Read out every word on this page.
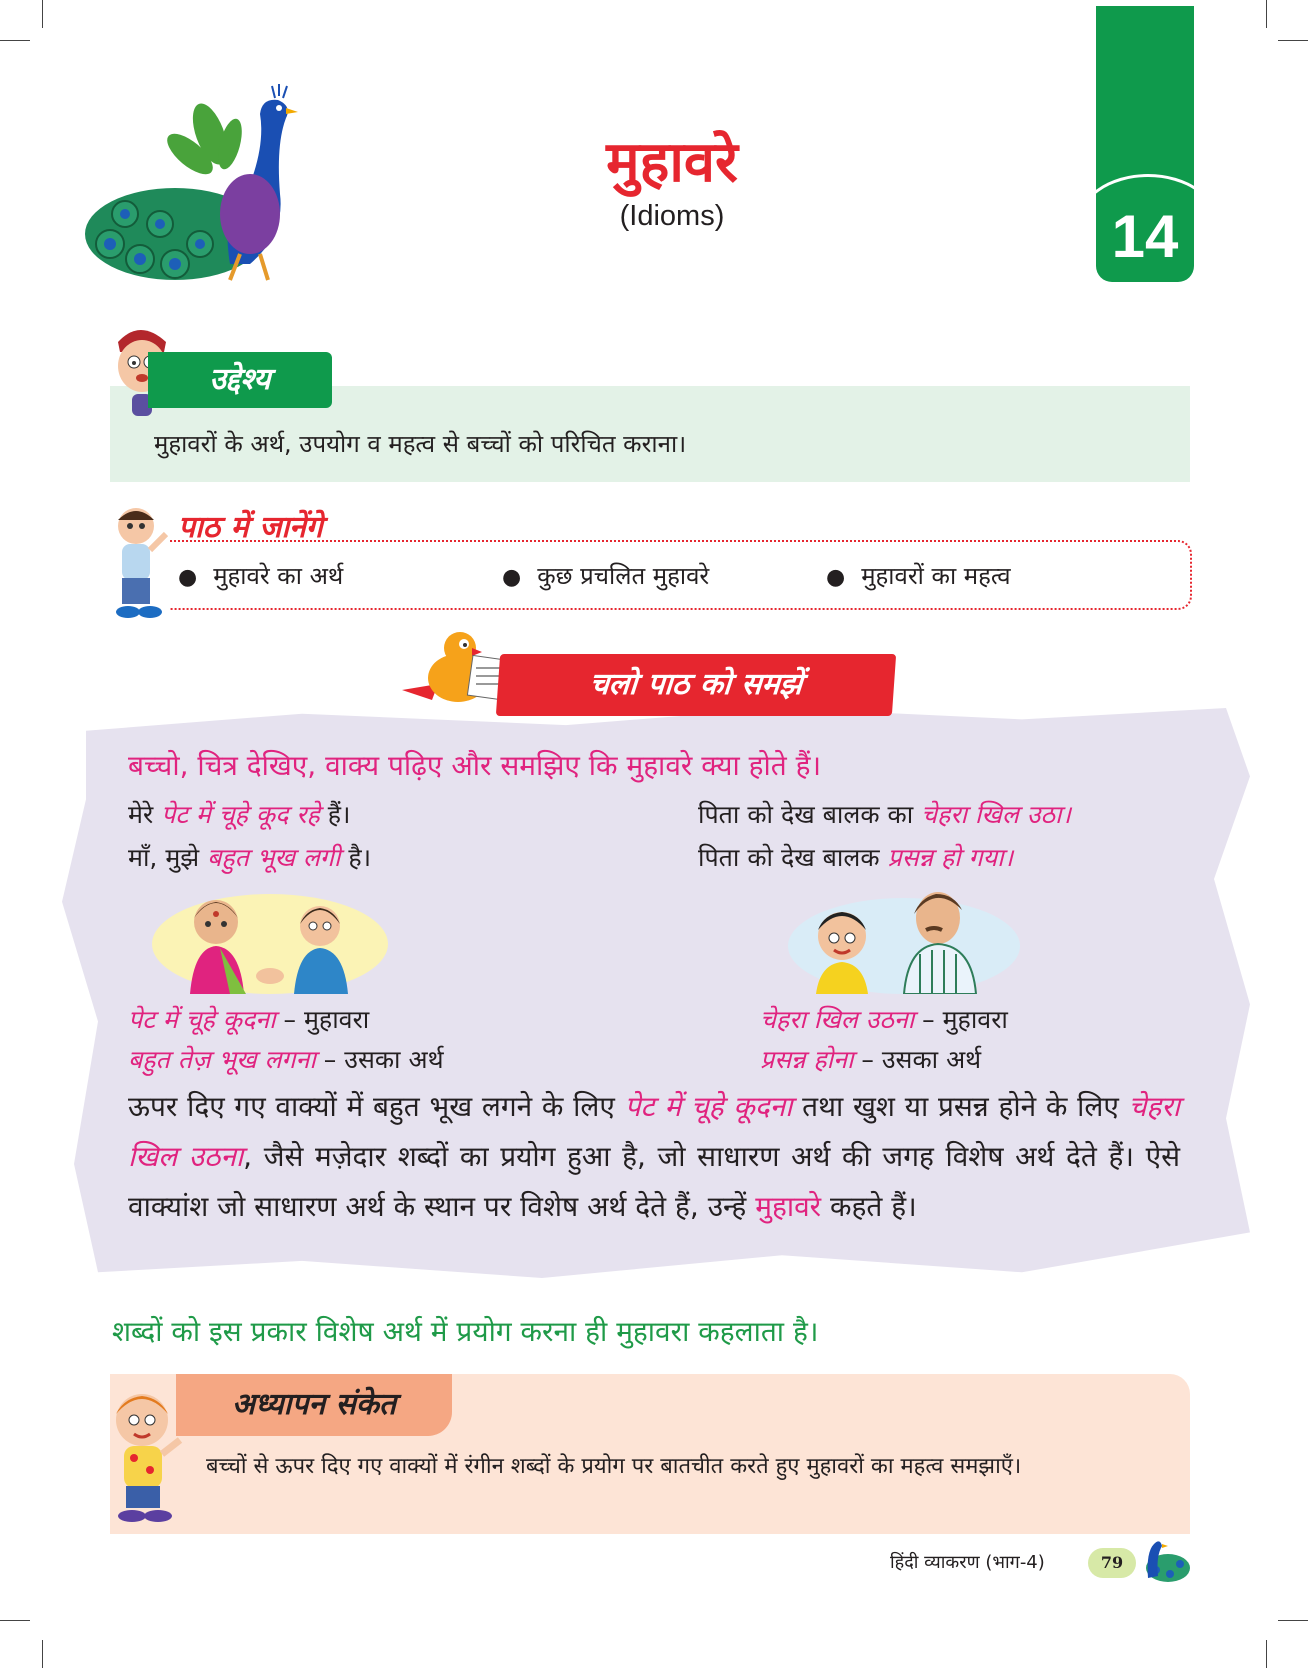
मुहावरे
(Idioms)	14
उद्देश्य
मुहावरों के अर्थ, उपयोग व महत्व से बच्चों को परिचित कराना।
पाठ में जानेंगे
● मुहावरे का अर्थ	● कुछ प्रचलित मुहावरे	● मुहावरों का महत्व
चलो पाठ को समझें
बच्चो, चित्र देखिए, वाक्य पढ़िए और समझिए कि मुहावरे क्या होते हैं।
मेरे पेट में चूहे कूद रहे हैं।
माँ, मुझे बहुत भूख लगी है।
पिता को देख बालक का चेहरा खिल उठा।
पिता को देख बालक प्रसन्न हो गया।
पेट में चूहे कूदना – मुहावरा
बहुत तेज़ भूख लगना – उसका अर्थ
चेहरा खिल उठना – मुहावरा
प्रसन्न होना – उसका अर्थ
ऊपर दिए गए वाक्यों में बहुत भूख लगने के लिए पेट में चूहे कूदना तथा खुश या प्रसन्न होने के लिए चेहरा खिल उठना, जैसे मज़ेदार शब्दों का प्रयोग हुआ है, जो साधारण अर्थ की जगह विशेष अर्थ देते हैं। ऐसे वाक्यांश जो साधारण अर्थ के स्थान पर विशेष अर्थ देते हैं, उन्हें मुहावरे कहते हैं।
शब्दों को इस प्रकार विशेष अर्थ में प्रयोग करना ही मुहावरा कहलाता है।
अध्यापन संकेत
बच्चों से ऊपर दिए गए वाक्यों में रंगीन शब्दों के प्रयोग पर बातचीत करते हुए मुहावरों का महत्व समझाएँ।
हिंदी व्याकरण (भाग-4)	79
